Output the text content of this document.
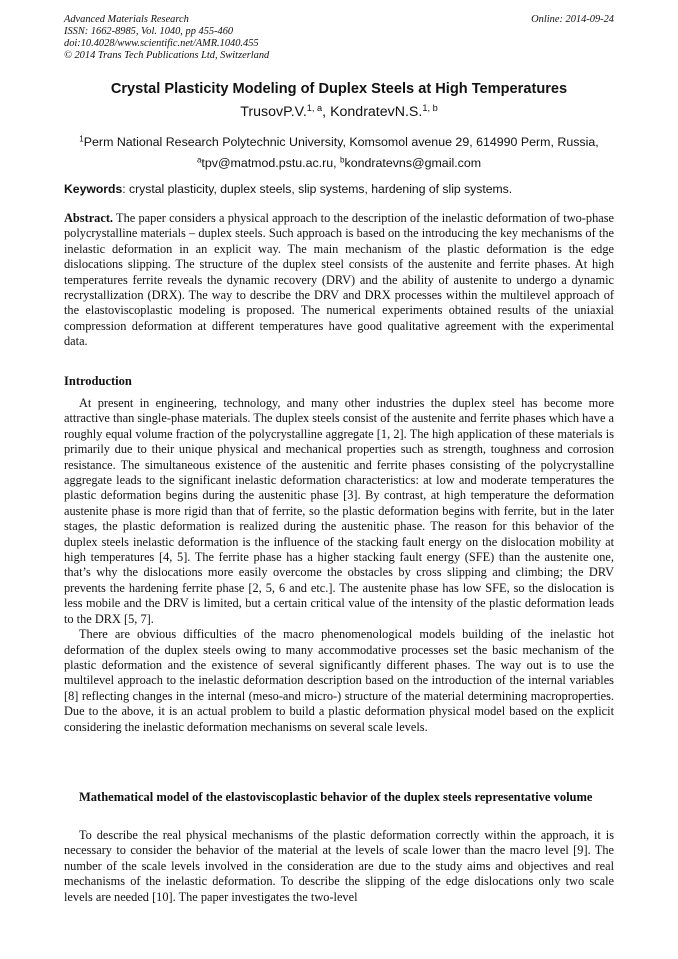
Advanced Materials Research
ISSN: 1662-8985, Vol. 1040, pp 455-460
doi:10.4028/www.scientific.net/AMR.1040.455
© 2014 Trans Tech Publications Ltd, Switzerland
Online: 2014-09-24
Crystal Plasticity Modeling of Duplex Steels at High Temperatures
TrusovP.V.$^{1, a}$, KondratevN.S.$^{1, b}$
$^1$Perm National Research Polytechnic University, Komsomol avenue 29, 614990 Perm, Russia,
$^a$tpv@matmod.pstu.ac.ru, $^b$kondratevns@gmail.com
Keywords: crystal plasticity, duplex steels, slip systems, hardening of slip systems.

Abstract. The paper considers a physical approach to the description of the inelastic deformation of two-phase polycrystalline materials – duplex steels. Such approach is based on the introducing the key mechanisms of the inelastic deformation in an explicit way. The main mechanism of the plastic deformation is the edge dislocations slipping. The structure of the duplex steel consists of the austenite and ferrite phases. At high temperatures ferrite reveals the dynamic recovery (DRV) and the ability of austenite to undergo a dynamic recrystallization (DRX). The way to describe the DRV and DRX processes within the multilevel approach of the elastoviscoplastic modeling is proposed. The numerical experiments obtained results of the uniaxial compression deformation at different temperatures have good qualitative agreement with the experimental data.

Introduction

At present in engineering, technology, and many other industries the duplex steel has become more attractive than single-phase materials. The duplex steels consist of the austenite and ferrite phases which have a roughly equal volume fraction of the polycrystalline aggregate [1, 2]. The high application of these materials is primarily due to their unique physical and mechanical properties such as strength, toughness and corrosion resistance. The simultaneous existence of the austenitic and ferrite phases consisting of the polycrystalline aggregate leads to the significant inelastic deformation characteristics: at low and moderate temperatures the plastic deformation begins during the austenitic phase [3]. By contrast, at high temperature the deformation austenite phase is more rigid than that of ferrite, so the plastic deformation begins with ferrite, but in the later stages, the plastic deformation is realized during the austenitic phase. The reason for this behavior of the duplex steels inelastic deformation is the influence of the stacking fault energy on the dislocation mobility at high temperatures [4, 5]. The ferrite phase has a higher stacking fault energy (SFE) than the austenite one, that’s why the dislocations more easily overcome the obstacles by cross slipping and climbing; the DRV prevents the hardening ferrite phase [2, 5, 6 and etc.]. The austenite phase has low SFE, so the dislocation is less mobile and the DRV is limited, but a certain critical value of the intensity of the plastic deformation leads to the DRX [5, 7].

There are obvious difficulties of the macro phenomenological models building of the inelastic hot deformation of the duplex steels owing to many accommodative processes set the basic mechanism of the plastic deformation and the existence of several significantly different phases. The way out is to use the multilevel approach to the inelastic deformation description based on the introduction of the internal variables [8] reflecting changes in the internal (meso-and micro-) structure of the material determining macroproperties. Due to the above, it is an actual problem to build a plastic deformation physical model based on the explicit considering the inelastic deformation mechanisms on several scale levels.

Mathematical model of the elastoviscoplastic behavior of the duplex steels representative volume

To describe the real physical mechanisms of the plastic deformation correctly within the approach, it is necessary to consider the behavior of the material at the levels of scale lower than the macro level [9]. The number of the scale levels involved in the consideration are due to the study aims and objectives and real mechanisms of the inelastic deformation. To describe the slipping of the edge dislocations only two scale levels are needed [10]. The paper investigates the two-level
